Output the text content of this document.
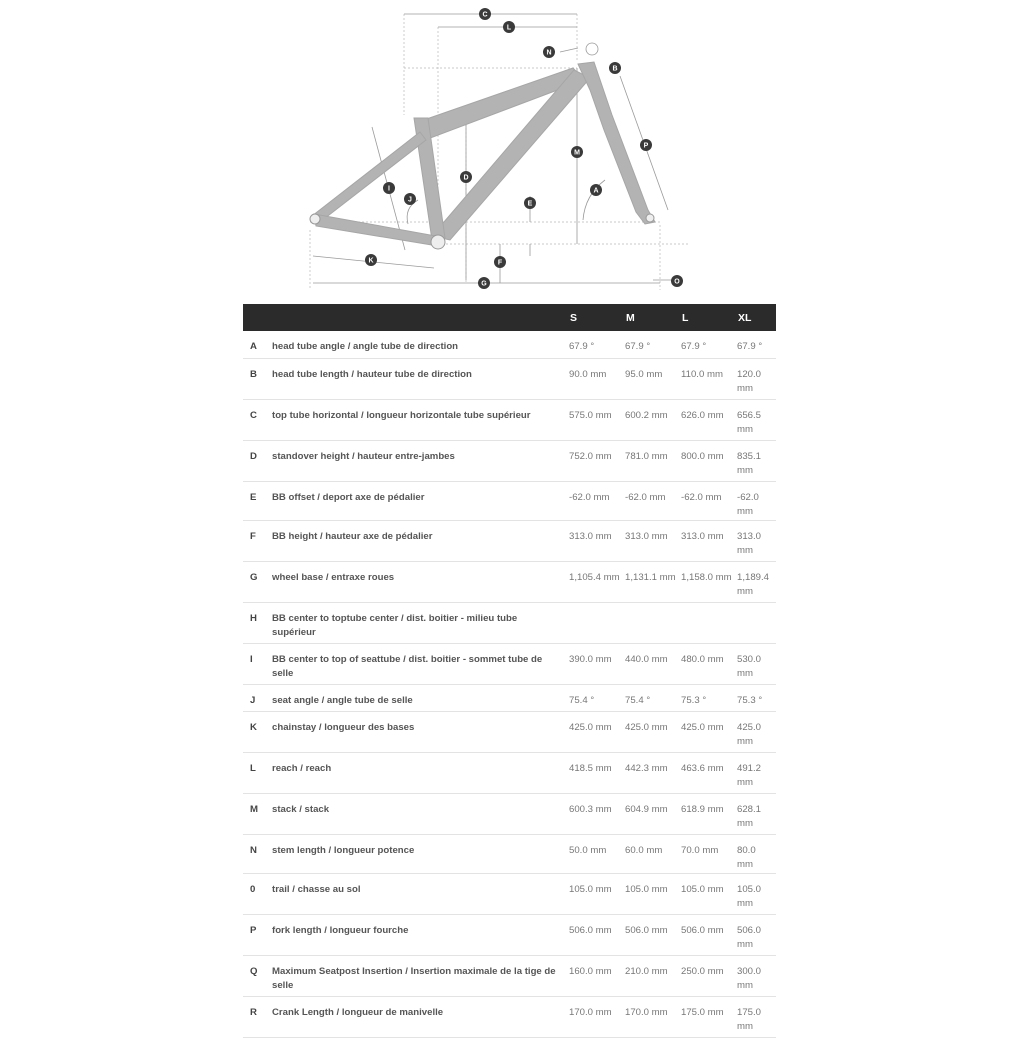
C
L
N
B
P
M
A
I
J
D
E
F
K
G	O
		S	M	L	XL
A	head tube angle / angle tube de direction	67.9 °	67.9 °	67.9 °	67.9 °
B	head tube length / hauteur tube de direction	90.0 mm	95.0 mm	110.0 mm	120.0 mm
C	top tube horizontal / longueur horizontale tube supérieur	575.0 mm	600.2 mm	626.0 mm	656.5 mm
D	standover height / hauteur entre-jambes	752.0 mm	781.0 mm	800.0 mm	835.1 mm
E	BB offset / deport axe de pédalier	-62.0 mm	-62.0 mm	-62.0 mm	-62.0 mm
F	BB height / hauteur axe de pédalier	313.0 mm	313.0 mm	313.0 mm	313.0 mm
G	wheel base / entraxe roues	1,105.4 mm	1,131.1 mm	1,158.0 mm	1,189.4 mm
H	BB center to toptube center / dist. boitier - milieu tube supérieur				
I	BB center to top of seattube / dist. boitier - sommet tube de selle	390.0 mm	440.0 mm	480.0 mm	530.0 mm
J	seat angle / angle tube de selle	75.4 °	75.4 °	75.3 °	75.3 °
K	chainstay / longueur des bases	425.0 mm	425.0 mm	425.0 mm	425.0 mm
L	reach / reach	418.5 mm	442.3 mm	463.6 mm	491.2 mm
M	stack / stack	600.3 mm	604.9 mm	618.9 mm	628.1 mm
N	stem length / longueur potence	50.0 mm	60.0 mm	70.0 mm	80.0 mm
0	trail / chasse au sol	105.0 mm	105.0 mm	105.0 mm	105.0 mm
P	fork length / longueur fourche	506.0 mm	506.0 mm	506.0 mm	506.0 mm
Q	Maximum Seatpost Insertion / Insertion maximale de la tige de selle	160.0 mm	210.0 mm	250.0 mm	300.0 mm
R	Crank Length / longueur de manivelle	170.0 mm	170.0 mm	175.0 mm	175.0 mm
